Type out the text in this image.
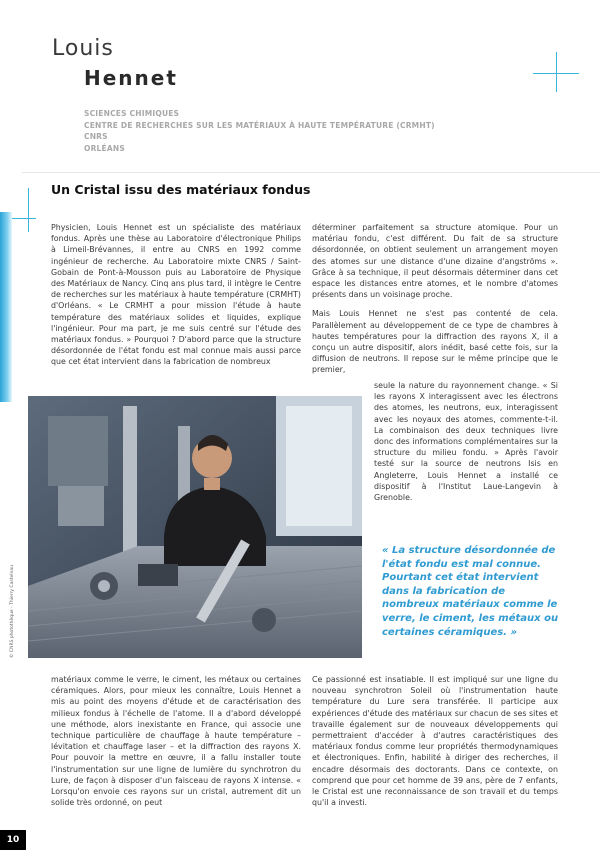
Louis
Hennet
SCIENCES CHIMIQUES
CENTRE DE RECHERCHES SUR LES MATÉRIAUX À HAUTE TEMPÉRATURE (CRMHT)
CNRS
ORLÉANS
Un Cristal issu des matériaux fondus

Physicien, Louis Hennet est un spécialiste des matériaux fondus. Après une thèse au Laboratoire d'électronique Philips à Limeil-Brévannes, il entre au CNRS en 1992 comme ingénieur de recherche. Au Laboratoire mixte CNRS / Saint-Gobain de Pont-à-Mousson puis au Laboratoire de Physique des Matériaux de Nancy. Cinq ans plus tard, il intègre le Centre de recherches sur les matériaux à haute température (CRMHT) d'Orléans. « Le CRMHT a pour mission l'étude à haute température des matériaux solides et liquides, explique l'ingénieur. Pour ma part, je me suis centré sur l'étude des matériaux fondus. » Pourquoi ? D'abord parce que la structure désordonnée de l'état fondu est mal connue mais aussi parce que cet état intervient dans la fabrication de nombreux

déterminer parfaitement sa structure atomique. Pour un matériau fondu, c'est différent. Du fait de sa structure désordonnée, on obtient seulement un arrangement moyen des atomes sur une distance d'une dizaine d'angströms ». Grâce à sa technique, il peut désormais déterminer dans cet espace les distances entre atomes, et le nombre d'atomes présents dans un voisinage proche.

Mais Louis Hennet ne s'est pas contenté de cela. Parallèlement au développement de ce type de chambres à hautes températures pour la diffraction des rayons X, il a conçu un autre dispositif, alors inédit, basé cette fois, sur la diffusion de neutrons. Il repose sur le même principe que le premier,

seule la nature du rayonnement change. « Si les rayons X interagissent avec les électrons des atomes, les neutrons, eux, interagissent avec les noyaux des atomes, commente-t-il. La combinaison des deux techniques livre donc des informations complémentaires sur la structure du milieu fondu. » Après l'avoir testé sur la source de neutrons Isis en Angleterre, Louis Hennet a installé ce dispositif à l'Institut Laue-Langevin à Grenoble.

© CNRS photothèque - Thierry Castelnau
« La structure désordonnée de l'état fondu est mal connue. Pourtant cet état intervient dans la fabrication de nombreux matériaux comme le verre, le ciment, les métaux ou certaines céramiques. »

matériaux comme le verre, le ciment, les métaux ou certaines céramiques. Alors, pour mieux les connaître, Louis Hennet a mis au point des moyens d'étude et de caractérisation des milieux fondus à l'échelle de l'atome. Il a d'abord développé une méthode, alors inexistante en France, qui associe une technique particulière de chauffage à haute température – lévitation et chauffage laser – et la diffraction des rayons X. Pour pouvoir la mettre en œuvre, il a fallu installer toute l'instrumentation sur une ligne de lumière du synchrotron du Lure, de façon à disposer d'un faisceau de rayons X intense. « Lorsqu'on envoie ces rayons sur un cristal, autrement dit un solide très ordonné, on peut

Ce passionné est insatiable. Il est impliqué sur une ligne du nouveau synchrotron Soleil où l'instrumentation haute température du Lure sera transférée. Il participe aux expériences d'étude des matériaux sur chacun de ses sites et travaille également sur de nouveaux développements qui permettraient d'accéder à d'autres caractéristiques des matériaux fondus comme leur propriétés thermodynamiques et électroniques. Enfin, habilité à diriger des recherches, il encadre désormais des doctorants. Dans ce contexte, on comprend que pour cet homme de 39 ans, père de 7 enfants, le Cristal est une reconnaissance de son travail et du temps qu'il a investi.

10
